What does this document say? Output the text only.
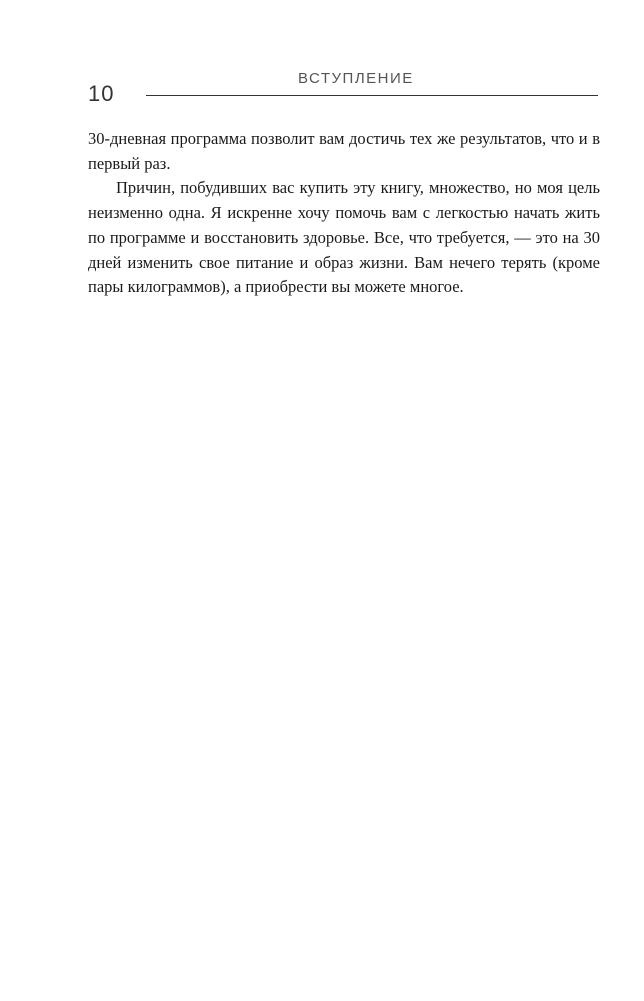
10
ВСТУПЛЕНИЕ

30-дневная программа позволит вам достичь тех же результатов, что и в первый раз.

Причин, побудивших вас купить эту книгу, множество, но моя цель неизменно одна. Я искренне хочу помочь вам с легкостью начать жить по программе и восстановить здоровье. Все, что требуется, — это на 30 дней изменить свое питание и образ жизни. Вам нечего терять (кроме пары килограммов), а приобрести вы можете многое.
